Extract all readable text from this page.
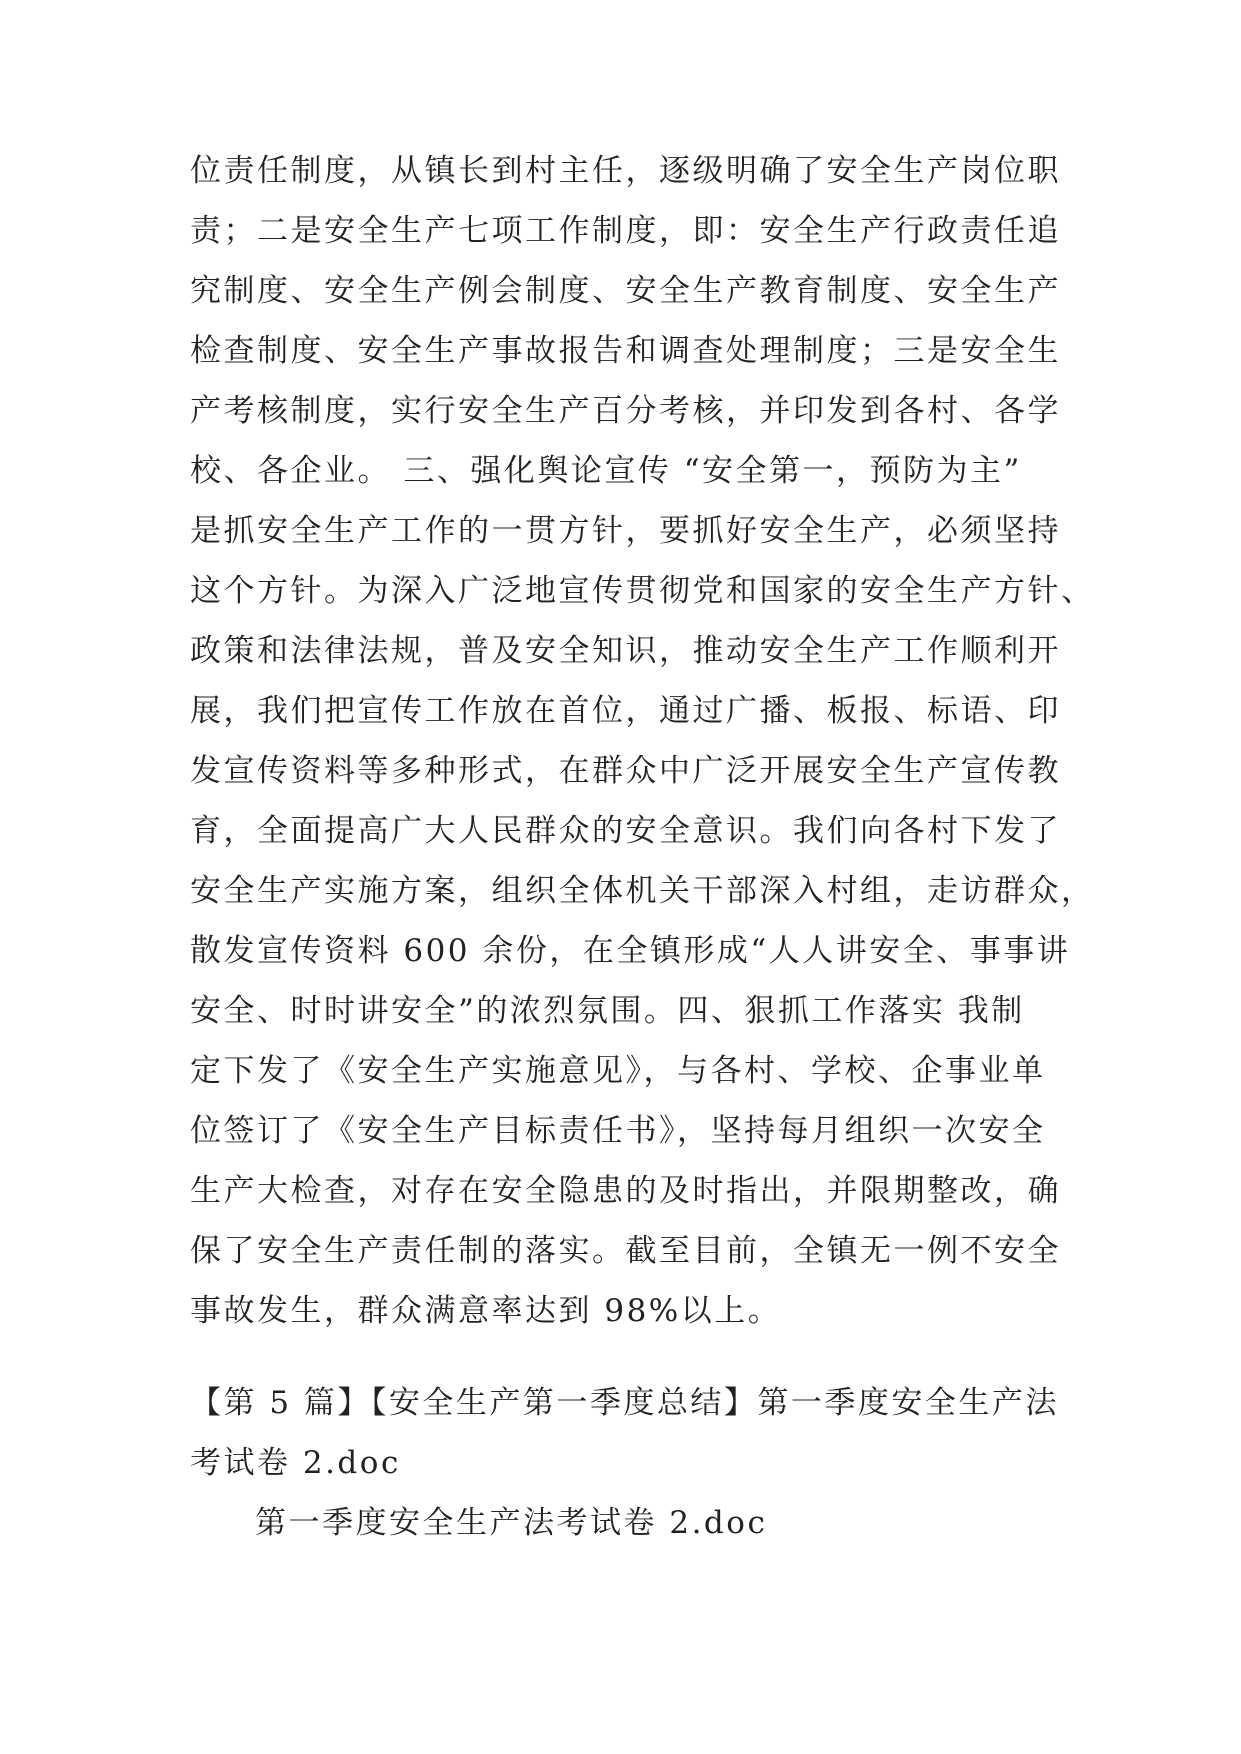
位责任制度，从镇长到村主任，逐级明确了安全生产岗位职
责；二是安全生产七项工作制度，即：安全生产行政责任追
究制度、安全生产例会制度、安全生产教育制度、安全生产
检查制度、安全生产事故报告和调查处理制度；三是安全生
产考核制度，实行安全生产百分考核，并印发到各村、各学
校、各企业。 三、强化舆论宣传 “安全第一，预防为主”
是抓安全生产工作的一贯方针，要抓好安全生产，必须坚持
这个方针。为深入广泛地宣传贯彻党和国家的安全生产方针、
政策和法律法规，普及安全知识，推动安全生产工作顺利开
展，我们把宣传工作放在首位，通过广播、板报、标语、印
发宣传资料等多种形式，在群众中广泛开展安全生产宣传教
育，全面提高广大人民群众的安全意识。我们向各村下发了
安全生产实施方案，组织全体机关干部深入村组，走访群众，
散发宣传资料 600 余份，在全镇形成“人人讲安全、事事讲
安全、时时讲安全”的浓烈氛围。四、狠抓工作落实 我制
定下发了《安全生产实施意见》，与各村、学校、企事业单
位签订了《安全生产目标责任书》，坚持每月组织一次安全
生产大检查，对存在安全隐患的及时指出，并限期整改，确
保了安全生产责任制的落实。截至目前，全镇无一例不安全
事故发生，群众满意率达到 98%以上。
【第 5 篇】【安全生产第一季度总结】第一季度安全生产法
考试卷 2.doc
第一季度安全生产法考试卷 2.doc
